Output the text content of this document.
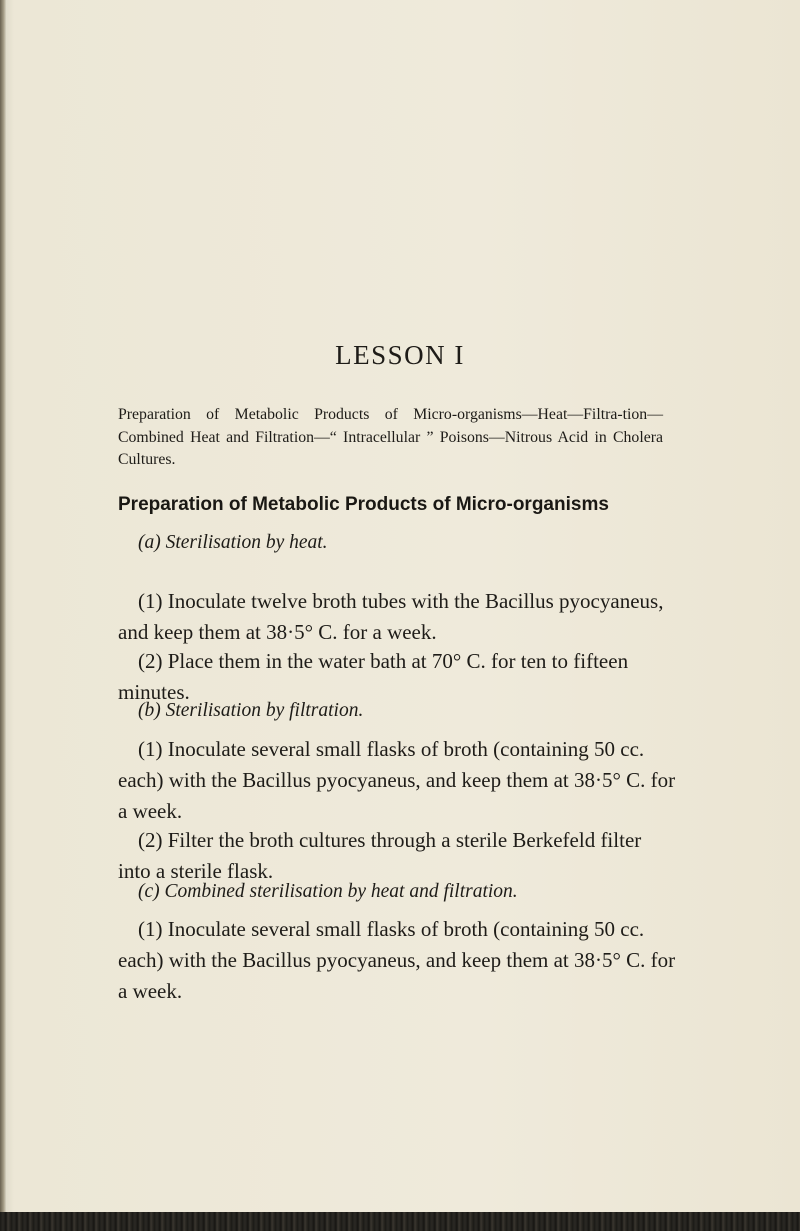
LESSON I

Preparation of Metabolic Products of Micro-organisms—Heat—Filtra-tion—Combined Heat and Filtration—“ Intracellular ” Poisons—Nitrous Acid in Cholera Cultures.

Preparation of Metabolic Products of Micro-organisms

(a) Sterilisation by heat.

(1) Inoculate twelve broth tubes with the Bacillus pyocyaneus, and keep them at 38·5° C. for a week.

(2) Place them in the water bath at 70° C. for ten to fifteen minutes.

(b) Sterilisation by filtration.

(1) Inoculate several small flasks of broth (containing 50 cc. each) with the Bacillus pyocyaneus, and keep them at 38·5° C. for a week.

(2) Filter the broth cultures through a sterile Berkefeld filter into a sterile flask.

(c) Combined sterilisation by heat and filtration.

(1) Inoculate several small flasks of broth (containing 50 cc. each) with the Bacillus pyocyaneus, and keep them at 38·5° C. for a week.
